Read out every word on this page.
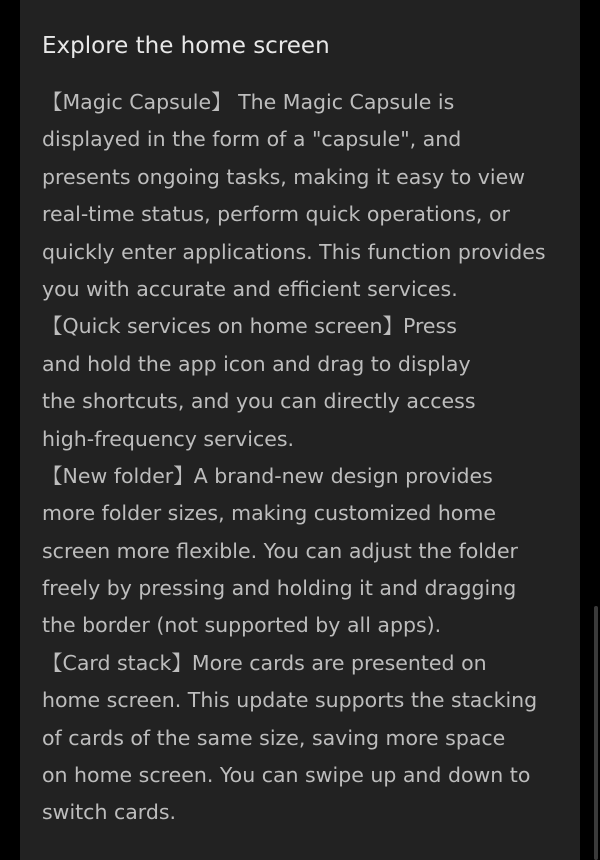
Explore the home screen
【Magic Capsule】 The Magic Capsule is
displayed in the form of a "capsule", and
presents ongoing tasks, making it easy to view
real-time status, perform quick operations, or
quickly enter applications. This function provides
you with accurate and efficient services.
【Quick services on home screen】Press
and hold the app icon and drag to display
the shortcuts, and you can directly access
high-frequency services.
【New folder】A brand-new design provides
more folder sizes, making customized home
screen more flexible. You can adjust the folder
freely by pressing and holding it and dragging
the border (not supported by all apps).
【Card stack】More cards are presented on
home screen. This update supports the stacking
of cards of the same size, saving more space
on home screen. You can swipe up and down to
switch cards.
